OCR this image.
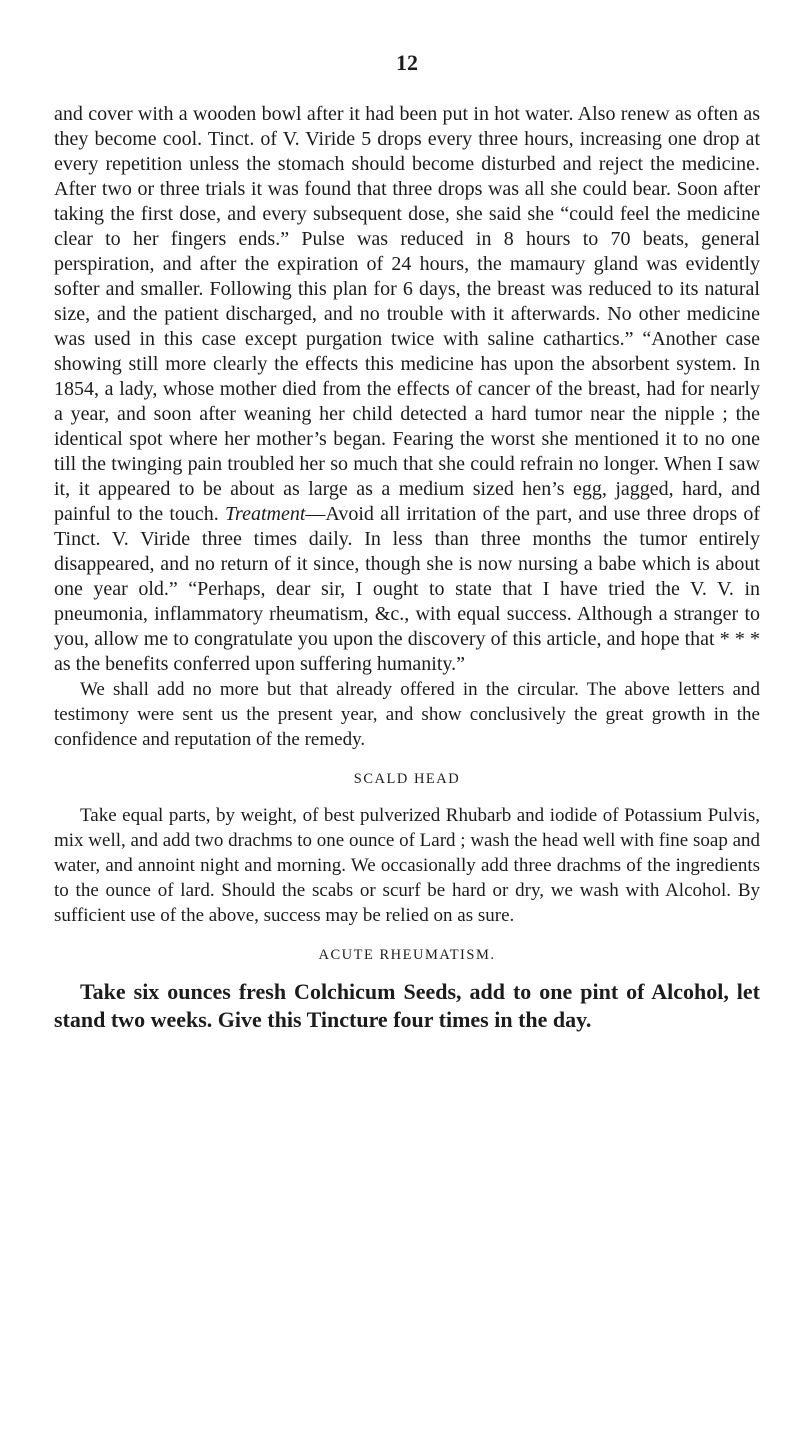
12

and cover with a wooden bowl after it had been put in hot water. Also renew as often as they become cool. Tinct. of V. Viride 5 drops every three hours, increasing one drop at every repetition unless the stomach should become disturbed and reject the medicine. After two or three trials it was found that three drops was all she could bear. Soon after taking the first dose, and every subsequent dose, she said she “could feel the medicine clear to her fingers ends.” Pulse was reduced in 8 hours to 70 beats, general perspiration, and after the expiration of 24 hours, the mamaury gland was evidently softer and smaller. Following this plan for 6 days, the breast was reduced to its natural size, and the patient discharged, and no trouble with it afterwards. No other medicine was used in this case except purgation twice with saline cathartics.” “Another case showing still more clearly the effects this medicine has upon the absorbent system. In 1854, a lady, whose mother died from the effects of cancer of the breast, had for nearly a year, and soon after weaning her child detected a hard tumor near the nipple ; the identical spot where her mother’s began. Fearing the worst she mentioned it to no one till the twinging pain troubled her so much that she could refrain no longer. When I saw it, it appeared to be about as large as a medium sized hen’s egg, jagged, hard, and painful to the touch. Treatment—Avoid all irritation of the part, and use three drops of Tinct. V. Viride three times daily. In less than three months the tumor entirely disappeared, and no return of it since, though she is now nursing a babe which is about one year old.” “Perhaps, dear sir, I ought to state that I have tried the V. V. in pneumonia, inflammatory rheumatism, &c., with equal success. Although a stranger to you, allow me to congratulate you upon the discovery of this article, and hope that * * * as the benefits conferred upon suffering humanity.”

We shall add no more but that already offered in the circular. The above letters and testimony were sent us the present year, and show conclusively the great growth in the confidence and reputation of the remedy.

SCALD HEAD

Take equal parts, by weight, of best pulverized Rhubarb and iodide of Potassium Pulvis, mix well, and add two drachms to one ounce of Lard ; wash the head well with fine soap and water, and annoint night and morning. We occasionally add three drachms of the ingredients to the ounce of lard. Should the scabs or scurf be hard or dry, we wash with Alcohol. By sufficient use of the above, success may be relied on as sure.

ACUTE RHEUMATISM.

Take six ounces fresh Colchicum Seeds, add to one pint of Alcohol, let stand two weeks. Give this Tincture four times in the day.
